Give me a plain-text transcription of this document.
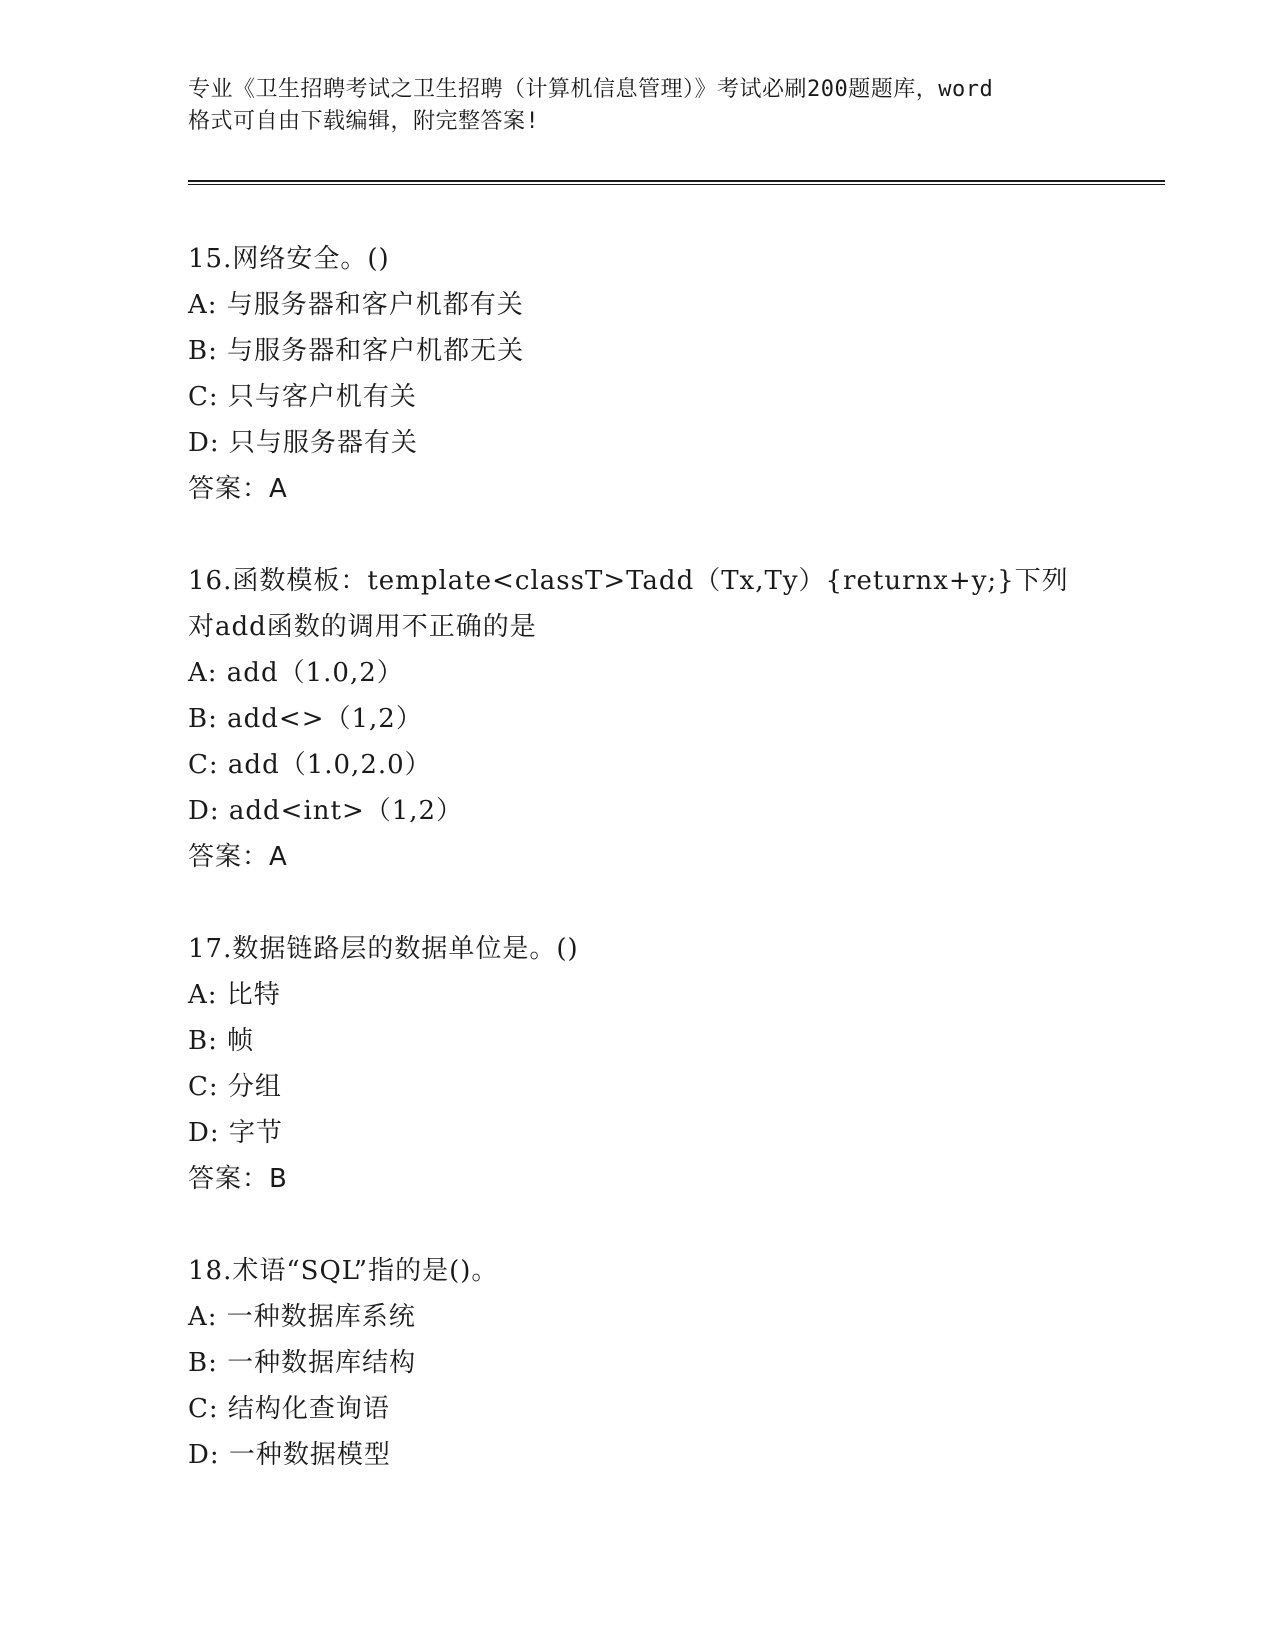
专业《卫生招聘考试之卫生招聘（计算机信息管理）》考试必刷200题题库，word
格式可自由下载编辑，附完整答案!
15.网络安全。()
A: 与服务器和客户机都有关
B: 与服务器和客户机都无关
C: 只与客户机有关
D: 只与服务器有关
答案：A
16.函数模板：template<classT>Tadd（Tx,Ty）{returnx+y;}下列
对add函数的调用不正确的是
A: add（1.0,2）
B: add<>（1,2）
C: add（1.0,2.0）
D: add<int>（1,2）
答案：A
17.数据链路层的数据单位是。()
A: 比特
B: 帧
C: 分组
D: 字节
答案：B
18.术语“SQL”指的是()。
A: 一种数据库系统
B: 一种数据库结构
C: 结构化查询语
D: 一种数据模型
